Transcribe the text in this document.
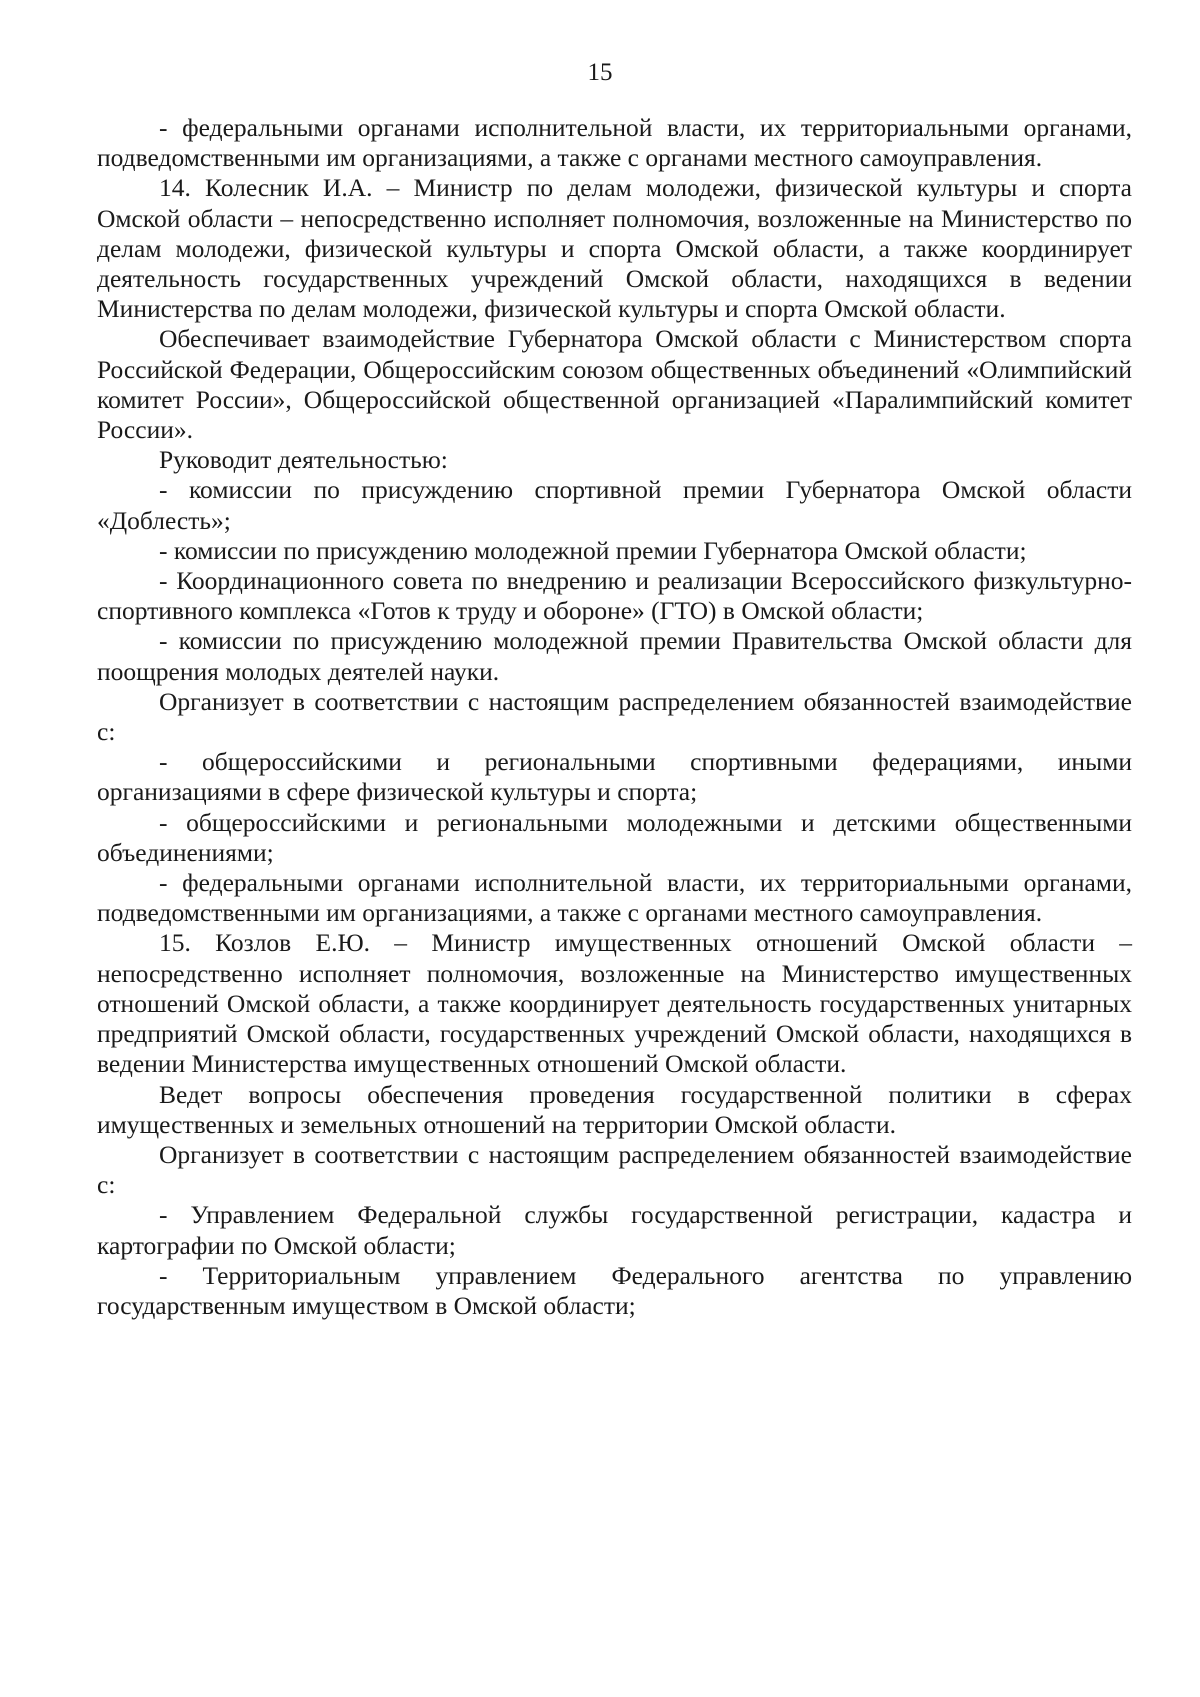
15

- федеральными органами исполнительной власти, их территориальными органами, подведомственными им организациями, а также с органами местного самоуправления.

14. Колесник И.А. – Министр по делам молодежи, физической культуры и спорта Омской области – непосредственно исполняет полномочия, возложенные на Министерство по делам молодежи, физической культуры и спорта Омской области, а также координирует деятельность государственных учреждений Омской области, находящихся в ведении Министерства по делам молодежи, физической культуры и спорта Омской области.

Обеспечивает взаимодействие Губернатора Омской области с Министерством спорта Российской Федерации, Общероссийским союзом общественных объединений «Олимпийский комитет России», Общероссийской общественной организацией «Паралимпийский комитет России».

Руководит деятельностью:

- комиссии по присуждению спортивной премии Губернатора Омской области «Доблесть»;

- комиссии по присуждению молодежной премии Губернатора Омской области;

- Координационного совета по внедрению и реализации Всероссийского физкультурно-спортивного комплекса «Готов к труду и обороне» (ГТО) в Омской области;

- комиссии по присуждению молодежной премии Правительства Омской области для поощрения молодых деятелей науки.

Организует в соответствии с настоящим распределением обязанностей взаимодействие с:

- общероссийскими и региональными спортивными федерациями, иными организациями в сфере физической культуры и спорта;

- общероссийскими и региональными молодежными и детскими общественными объединениями;

- федеральными органами исполнительной власти, их территориальными органами, подведомственными им организациями, а также с органами местного самоуправления.

15. Козлов Е.Ю. – Министр имущественных отношений Омской области – непосредственно исполняет полномочия, возложенные на Министерство имущественных отношений Омской области, а также координирует деятельность государственных унитарных предприятий Омской области, государственных учреждений Омской области, находящихся в ведении Министерства имущественных отношений Омской области.

Ведет вопросы обеспечения проведения государственной политики в сферах имущественных и земельных отношений на территории Омской области.

Организует в соответствии с настоящим распределением обязанностей взаимодействие с:

- Управлением Федеральной службы государственной регистрации, кадастра и картографии по Омской области;

- Территориальным управлением Федерального агентства по управлению государственным имуществом в Омской области;
